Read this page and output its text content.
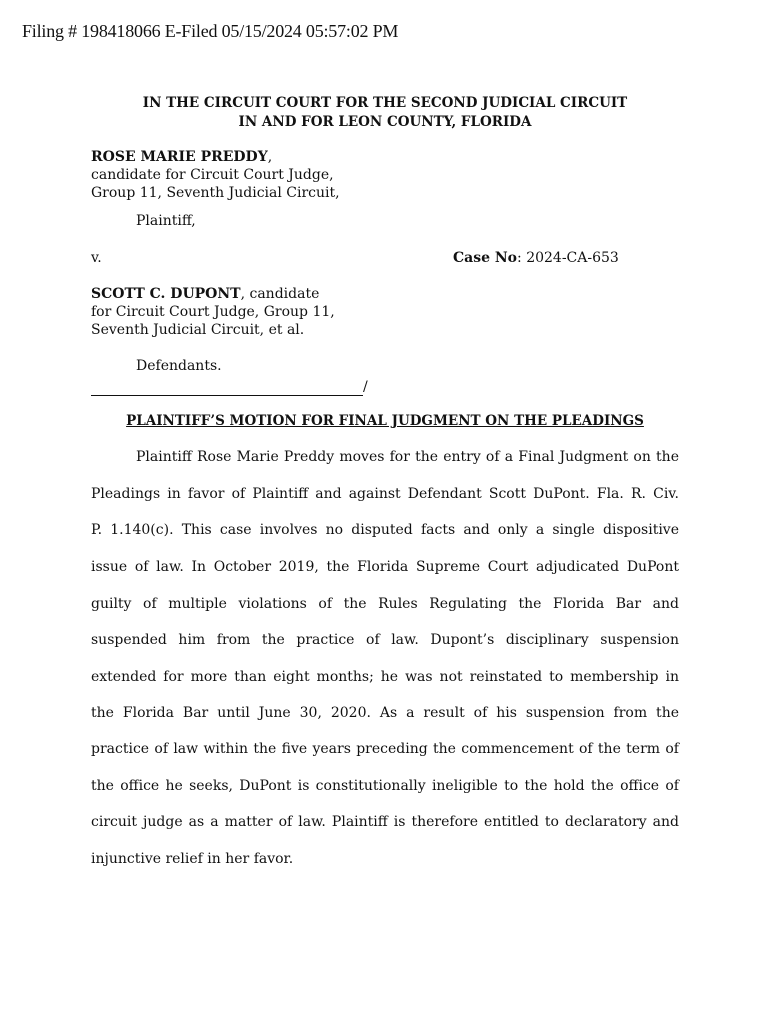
Filing # 198418066 E-Filed 05/15/2024 05:57:02 PM
IN THE CIRCUIT COURT FOR THE SECOND JUDICIAL CIRCUIT
IN AND FOR LEON COUNTY, FLORIDA
ROSE MARIE PREDDY,
candidate for Circuit Court Judge,
Group 11, Seventh Judicial Circuit,
Plaintiff,
v.	Case No: 2024-CA-653
SCOTT C. DUPONT, candidate
for Circuit Court Judge, Group 11,
Seventh Judicial Circuit, et al.
Defendants.
/
PLAINTIFF’S MOTION FOR FINAL JUDGMENT ON THE PLEADINGS
Plaintiff Rose Marie Preddy moves for the entry of a Final Judgment on the
Pleadings in favor of Plaintiff and against Defendant Scott DuPont. Fla. R. Civ.
P. 1.140(c). This case involves no disputed facts and only a single dispositive
issue of law. In October 2019, the Florida Supreme Court adjudicated DuPont
guilty of multiple violations of the Rules Regulating the Florida Bar and
suspended him from the practice of law. Dupont’s disciplinary suspension
extended for more than eight months; he was not reinstated to membership in
the Florida Bar until June 30, 2020. As a result of his suspension from the
practice of law within the five years preceding the commencement of the term of
the office he seeks, DuPont is constitutionally ineligible to the hold the office of
circuit judge as a matter of law. Plaintiff is therefore entitled to declaratory and
injunctive relief in her favor.
